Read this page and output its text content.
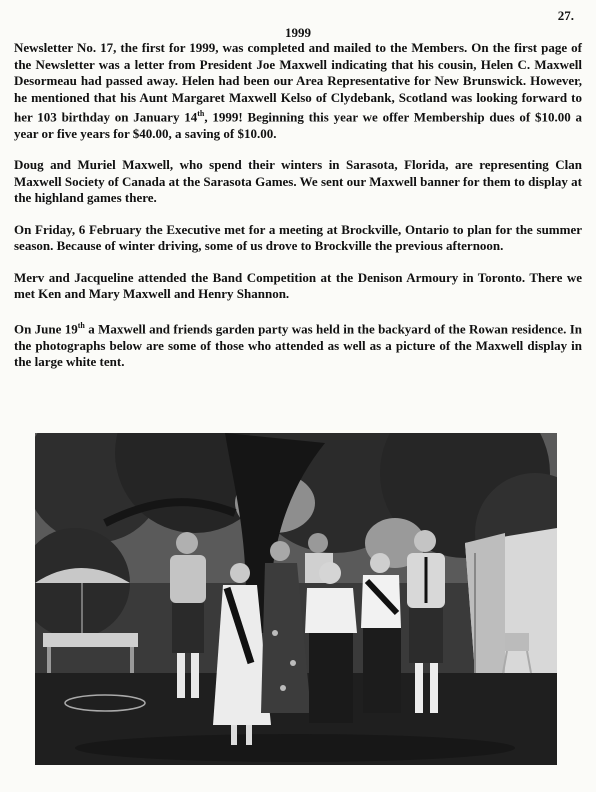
27.
1999

Newsletter No. 17, the first for 1999, was completed and mailed to the Members. On the first page of the Newsletter was a letter from President Joe Maxwell indicating that his cousin, Helen C. Maxwell Desormeau had passed away. Helen had been our Area Representative for New Brunswick. However, he mentioned that his Aunt Margaret Maxwell Kelso of Clydebank, Scotland was looking forward to her 103 birthday on January 14th, 1999! Beginning this year we offer Membership dues of $10.00 a year or five years for $40.00, a saving of $10.00.

Doug and Muriel Maxwell, who spend their winters in Sarasota, Florida, are representing Clan Maxwell Society of Canada at the Sarasota Games. We sent our Maxwell banner for them to display at the highland games there.

On Friday, 6 February the Executive met for a meeting at Brockville, Ontario to plan for the summer season. Because of winter driving, some of us drove to Brockville the previous afternoon.

Merv and Jacqueline attended the Band Competition at the Denison Armoury in Toronto. There we met Ken and Mary Maxwell and Henry Shannon.

On June 19th a Maxwell and friends garden party was held in the backyard of the Rowan residence. In the photographs below are some of those who attended as well as a picture of the Maxwell display in the large white tent.
